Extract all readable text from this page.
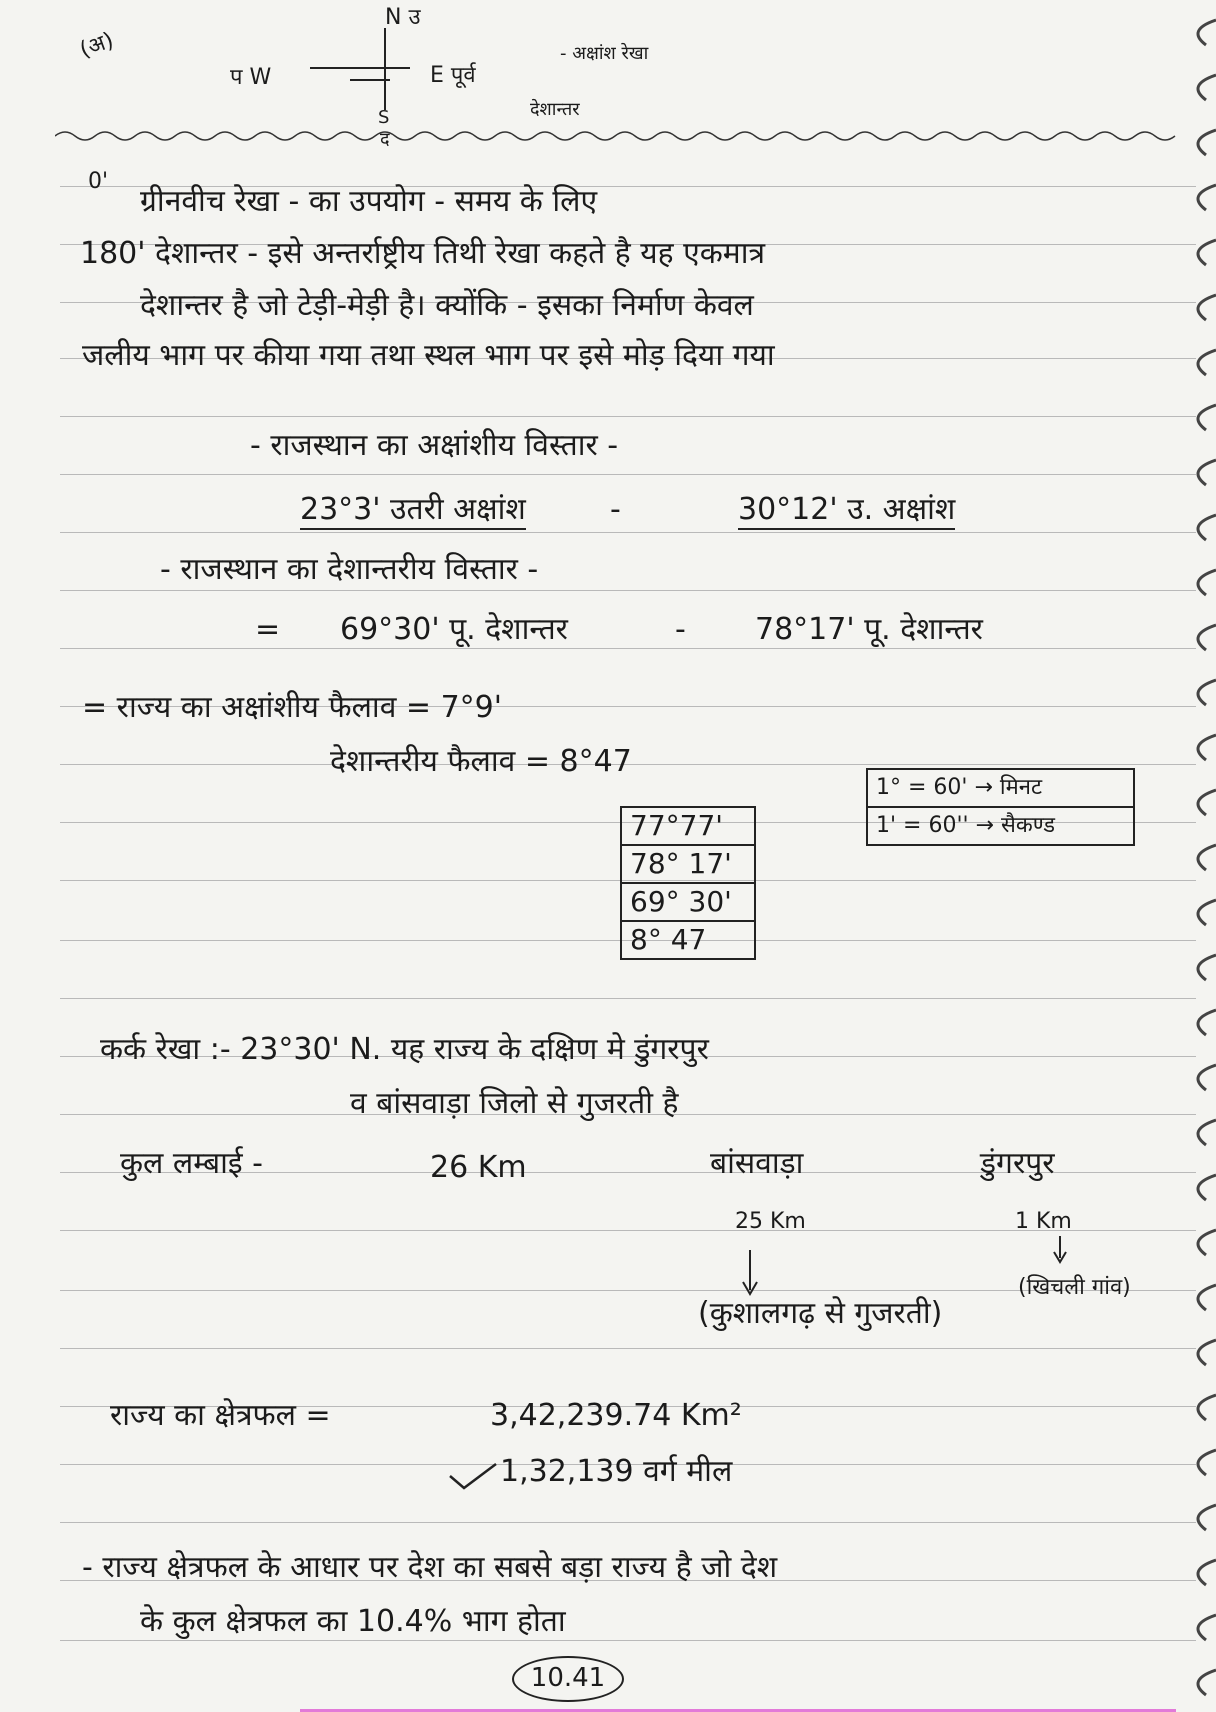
(अ)
N उ
प W	E पूर्व
S
द
- अक्षांश रेखा
देशान्तर
0'
ग्रीनवीच रेखा - का उपयोग - समय के लिए
180' देशान्तर - इसे अन्तर्राष्ट्रीय तिथी रेखा कहते है यह एकमात्र
देशान्तर है जो टेड़ी-मेड़ी है। क्योंकि - इसका निर्माण केवल
जलीय भाग पर कीया गया तथा स्थल भाग पर इसे मोड़ दिया गया
- राजस्थान का अक्षांशीय विस्तार -
23°3' उतरी अक्षांश	-	30°12' उ. अक्षांश
- राजस्थान का देशान्तरीय विस्तार -
= 69°30' पू. देशान्तर	- 78°17' पू. देशान्तर
= राज्य का अक्षांशीय फैलाव = 7°9'
देशान्तरीय फैलाव = 8°47
77°77'
78° 17'
69° 30'
8° 47
1° = 60' → मिनट
1' = 60'' → सैकण्ड
कर्क रेखा :- 23°30' N. यह राज्य के दक्षिण मे डुंगरपुर
व बांसवाड़ा जिलो से गुजरती है
कुल लम्बाई -	26 Km	बांसवाड़ा	डुंगरपुर
25 Km	1 Km
(कुशालगढ़ से गुजरती)
(खिचली गांव)
राज्य का क्षेत्रफल =	3,42,239.74 Km²
1,32,139 वर्ग मील
- राज्य क्षेत्रफल के आधार पर देश का सबसे बड़ा राज्य है जो देश
के कुल क्षेत्रफल का 10.4% भाग होता
10.41
